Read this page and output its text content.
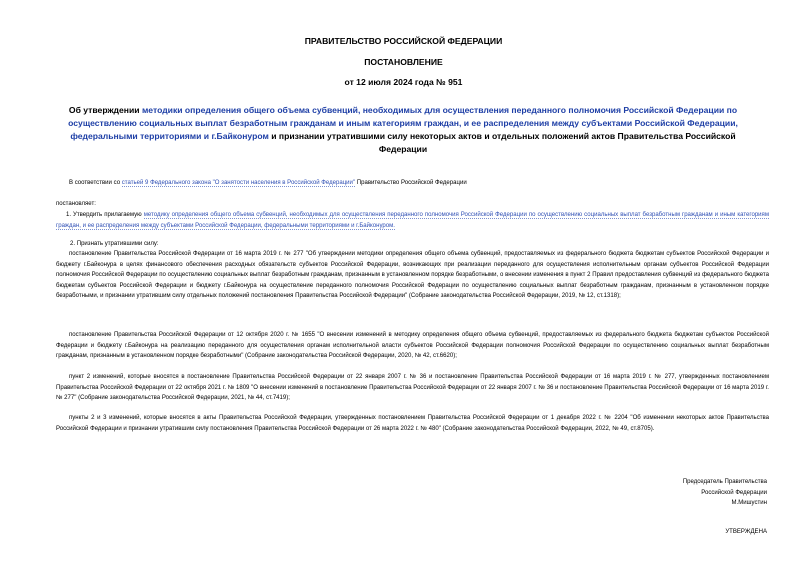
ПРАВИТЕЛЬСТВО РОССИЙСКОЙ ФЕДЕРАЦИИ
ПОСТАНОВЛЕНИЕ
от 12 июля 2024 года № 951
Об утверждении методики определения общего объема субвенций, необходимых для осуществления переданного полномочия Российской Федерации по осуществлению социальных выплат безработным гражданам и иным категориям граждан, и ее распределения между субъектами Российской Федерации, федеральными территориями и г.Байконуром и признании утратившими силу некоторых актов и отдельных положений актов Правительства Российской Федерации
В соответствии со статьей 9 Федерального закона "О занятости населения в Российской Федерации" Правительство Российской Федерации
постановляет:
1. Утвердить прилагаемую методику определения общего объема субвенций, необходимых для осуществления переданного полномочия Российской Федерации по осуществлению социальных выплат безработным гражданам и иным категориям граждан, и ее распределения между субъектами Российской Федерации, федеральными территориями и г.Байконуром.
2. Признать утратившими силу:
постановление Правительства Российской Федерации от 16 марта 2019 г. № 277 "Об утверждении методики определения общего объема субвенций, предоставляемых из федерального бюджета бюджетам субъектов Российской Федерации и бюджету г.Байконура в целях финансового обеспечения расходных обязательств субъектов Российской Федерации, возникающих при реализации переданного для осуществления исполнительным органам субъектов Российской Федерации полномочия Российской Федерации по осуществлению социальных выплат безработным гражданам, признанным в установленном порядке безработными, о внесении изменения в пункт 2 Правил предоставления субвенций из федерального бюджета бюджетам субъектов Российской Федерации и бюджету г.Байконура на осуществление переданного полномочия Российской Федерации по осуществлению социальных выплат безработным гражданам, признанным в установленном порядке безработными, и признании утратившим силу отдельных положений постановления Правительства Российской Федерации" (Собрание законодательства Российской Федерации, 2019, № 12, ст.1318);
постановление Правительства Российской Федерации от 12 октября 2020 г. № 1655 "О внесении изменений в методику определения общего объема субвенций, предоставляемых из федерального бюджета бюджетам субъектов Российской Федерации и бюджету г.Байконура на реализацию переданного для осуществления органам исполнительной власти субъектов Российской Федерации полномочия Российской Федерации по осуществлению социальных выплат безработным гражданам, признанным в установленном порядке безработными" (Собрание законодательства Российской Федерации, 2020, № 42, ст.6620);
пункт 2 изменений, которые вносятся в постановление Правительства Российской Федерации от 22 января 2007 г. № 36 и постановление Правительства Российской Федерации от 16 марта 2019 г. № 277, утвержденных постановлением Правительства Российской Федерации от 22 октября 2021 г. № 1809 "О внесении изменений в постановление Правительства Российской Федерации от 22 января 2007 г. № 36 и постановление Правительства Российской Федерации от 16 марта 2019 г. № 277" (Собрание законодательства Российской Федерации, 2021, № 44, ст.7419);
пункты 2 и 3 изменений, которые вносятся в акты Правительства Российской Федерации, утвержденных постановлением Правительства Российской Федерации от 1 декабря 2022 г. № 2204 "Об изменении некоторых актов Правительства Российской Федерации и признании утратившим силу постановления Правительства Российской Федерации от 26 марта 2022 г. № 480" (Собрание законодательства Российской Федерации, 2022, № 49, ст.8705).
Председатель Правительства
Российской Федерации
М.Мишустин
УТВЕРЖДЕНА
